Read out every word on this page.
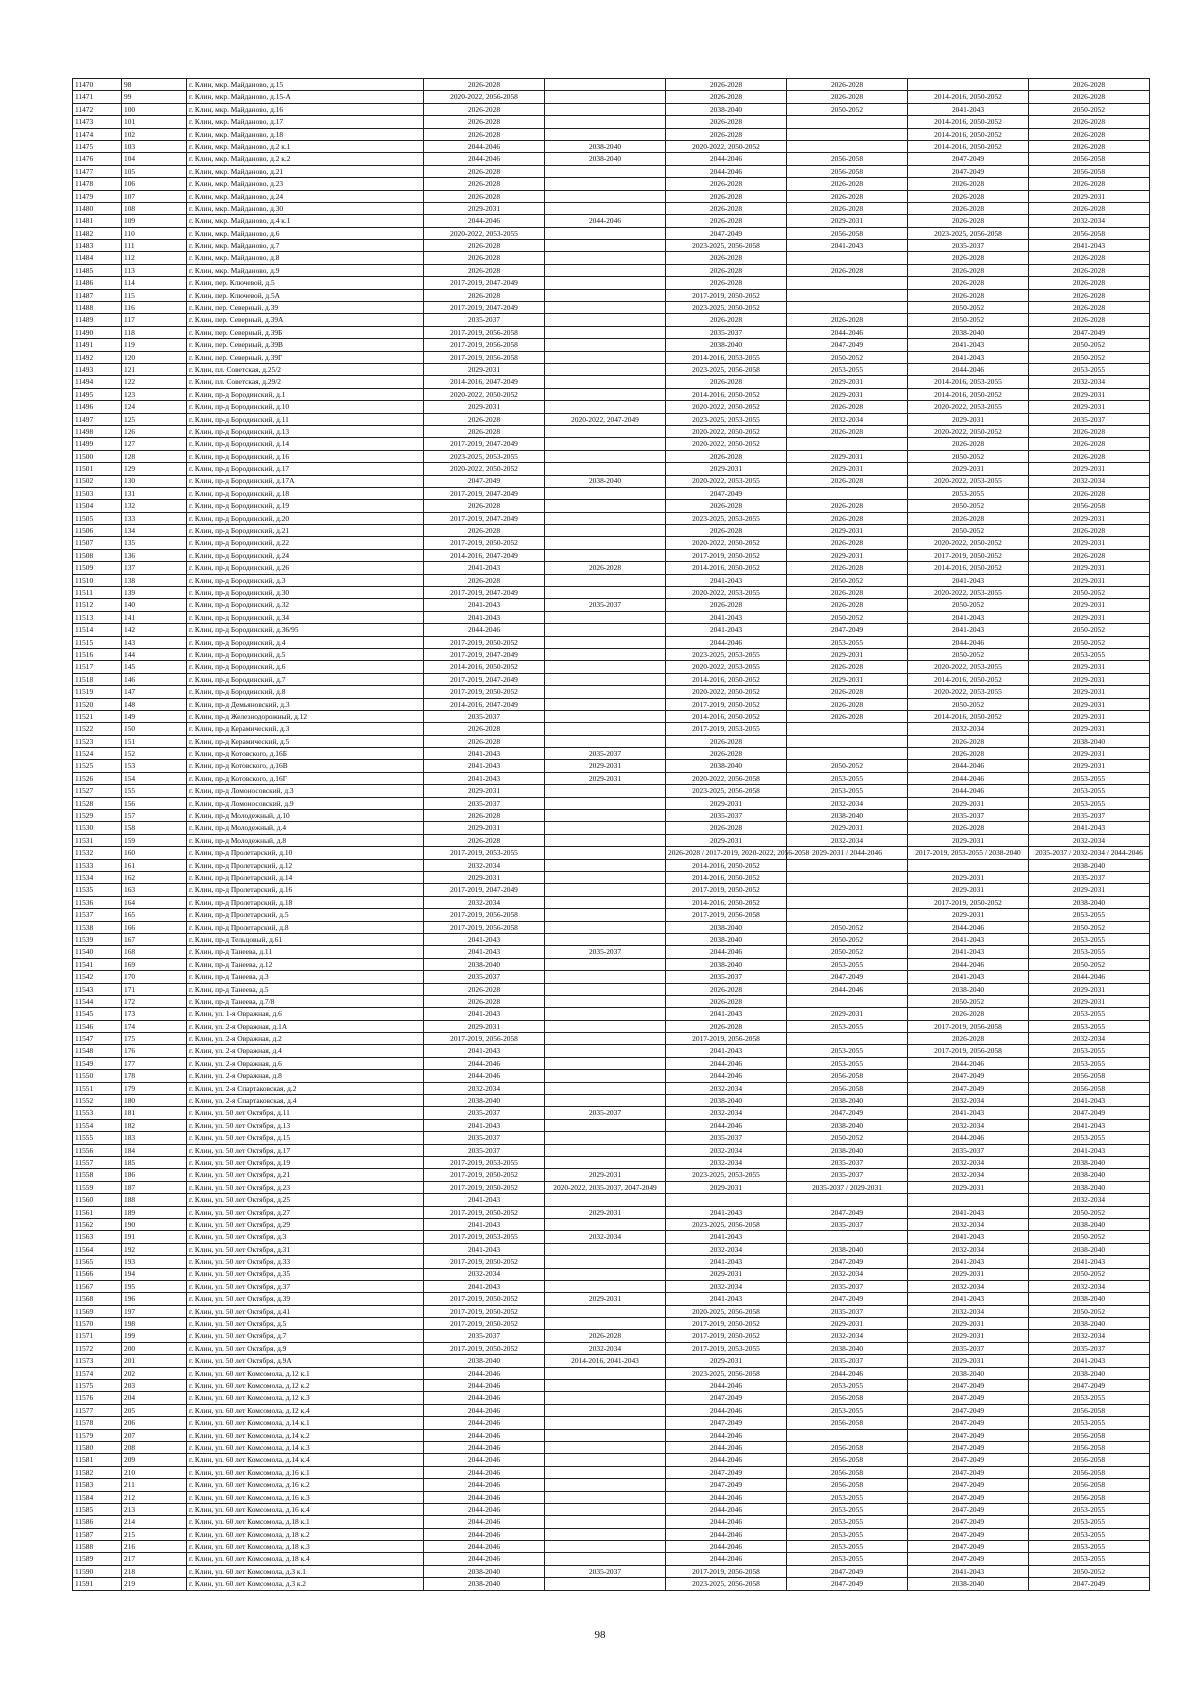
11470	98	г. Клин, мкр. Майданово, д.15	2026-2028		2026-2028	2026-2028		2026-2028
11471	99	г. Клин, мкр. Майданово, д.15-А	2020-2022, 2056-2058		2026-2028	2026-2028	2014-2016, 2050-2052	2026-2028
11472	100	г. Клин, мкр. Майданово, д.16	2026-2028		2038-2040	2050-2052	2041-2043	2050-2052
11473	101	г. Клин, мкр. Майданово, д.17	2026-2028		2026-2028		2014-2016, 2050-2052	2026-2028
11474	102	г. Клин, мкр. Майданово, д.18	2026-2028		2026-2028		2014-2016, 2050-2052	2026-2028
11475	103	г. Клин, мкр. Майданово, д.2 к.1	2044-2046	2038-2040	2020-2022, 2050-2052		2014-2016, 2050-2052	2026-2028
11476	104	г. Клин, мкр. Майданово, д.2 к.2	2044-2046	2038-2040	2044-2046	2056-2058	2047-2049	2056-2058
11477	105	г. Клин, мкр. Майданово, д.21	2026-2028		2044-2046	2056-2058	2047-2049	2056-2058
11478	106	г. Клин, мкр. Майданово, д.23	2026-2028		2026-2028	2026-2028	2026-2028	2026-2028
11479	107	г. Клин, мкр. Майданово, д.24	2026-2028		2026-2028	2026-2028	2026-2028	2029-2031
11480	108	г. Клин, мкр. Майданово, д.30	2029-2031		2026-2028	2026-2028	2026-2028	2026-2028
11481	109	г. Клин, мкр. Майданово, д.4 к.1	2044-2046	2044-2046	2026-2028	2029-2031	2026-2028	2032-2034
11482	110	г. Клин, мкр. Майданово, д.6	2020-2022, 2053-2055		2047-2049	2056-2058	2023-2025, 2056-2058	2056-2058
11483	111	г. Клин, мкр. Майданово, д.7	2026-2028		2023-2025, 2056-2058	2041-2043	2035-2037	2041-2043
11484	112	г. Клин, мкр. Майданово, д.8	2026-2028		2026-2028		2026-2028	2026-2028
11485	113	г. Клин, мкр. Майданово, д.9	2026-2028		2026-2028	2026-2028	2026-2028	2026-2028
11486	114	г. Клин, пер. Ключевой, д.5	2017-2019, 2047-2049		2026-2028		2026-2028	2026-2028
11487	115	г. Клин, пер. Ключевой, д.5А	2026-2028		2017-2019, 2050-2052		2026-2028	2026-2028
11488	116	г. Клин, пер. Северный, д.39	2017-2019, 2047-2049		2023-2025, 2050-2052		2050-2052	2026-2028
11489	117	г. Клин, пер. Северный, д.39А	2035-2037		2026-2028	2026-2028	2050-2052	2026-2028
11490	118	г. Клин, пер. Северный, д.39Б	2017-2019, 2056-2058		2035-2037	2044-2046	2038-2040	2047-2049
11491	119	г. Клин, пер. Северный, д.39В	2017-2019, 2056-2058		2038-2040	2047-2049	2041-2043	2050-2052
11492	120	г. Клин, пер. Северный, д.39Г	2017-2019, 2056-2058		2014-2016, 2053-2055	2050-2052	2041-2043	2050-2052
11493	121	г. Клин, пл. Советская, д.25/2	2029-2031		2023-2025, 2056-2058	2053-2055	2044-2046	2053-2055
11494	122	г. Клин, пл. Советская, д.29/2	2014-2016, 2047-2049		2026-2028	2029-2031	2014-2016, 2053-2055	2032-2034
11495	123	г. Клин, пр-д Бородинский, д.1	2020-2022, 2050-2052		2014-2016, 2050-2052	2029-2031	2014-2016, 2050-2052	2029-2031
11496	124	г. Клин, пр-д Бородинский, д.10	2029-2031		2020-2022, 2050-2052	2026-2028	2020-2022, 2053-2055	2029-2031
11497	125	г. Клин, пр-д Бородинский, д.11	2026-2028	2020-2022, 2047-2049	2023-2025, 2053-2055	2032-2034	2029-2031	2035-2037
11498	126	г. Клин, пр-д Бородинский, д.13	2026-2028		2020-2022, 2050-2052	2026-2028	2020-2022, 2050-2052	2026-2028
11499	127	г. Клин, пр-д Бородинский, д.14	2017-2019, 2047-2049		2020-2022, 2050-2052		2026-2028	2026-2028
11500	128	г. Клин, пр-д Бородинский, д.16	2023-2025, 2053-2055		2026-2028	2029-2031	2050-2052	2026-2028
11501	129	г. Клин, пр-д Бородинский, д.17	2020-2022, 2050-2052		2029-2031	2029-2031	2029-2031	2029-2031
11502	130	г. Клин, пр-д Бородинский, д.17А	2047-2049	2038-2040	2020-2022, 2053-2055	2026-2028	2020-2022, 2053-2055	2032-2034
11503	131	г. Клин, пр-д Бородинский, д.18	2017-2019, 2047-2049		2047-2049		2053-2055	2026-2028
11504	132	г. Клин, пр-д Бородинский, д.19	2026-2028		2026-2028	2026-2028	2050-2052	2056-2058
11505	133	г. Клин, пр-д Бородинский, д.20	2017-2019, 2047-2049		2023-2025, 2053-2055	2026-2028	2026-2028	2029-2031
11506	134	г. Клин, пр-д Бородинский, д.21	2026-2028		2026-2028	2029-2031	2050-2052	2026-2028
11507	135	г. Клин, пр-д Бородинский, д.22	2017-2019, 2050-2052		2020-2022, 2050-2052	2026-2028	2020-2022, 2050-2052	2029-2031
11508	136	г. Клин, пр-д Бородинский, д.24	2014-2016, 2047-2049		2017-2019, 2050-2052	2029-2031	2017-2019, 2050-2052	2026-2028
11509	137	г. Клин, пр-д Бородинский, д.26	2041-2043	2026-2028	2014-2016, 2050-2052	2026-2028	2014-2016, 2050-2052	2029-2031
11510	138	г. Клин, пр-д Бородинский, д.3	2026-2028		2041-2043	2050-2052	2041-2043	2029-2031
11511	139	г. Клин, пр-д Бородинский, д.30	2017-2019, 2047-2049		2020-2022, 2053-2055	2026-2028	2020-2022, 2053-2055	2050-2052
11512	140	г. Клин, пр-д Бородинский, д.32	2041-2043	2035-2037	2026-2028	2026-2028	2050-2052	2029-2031
11513	141	г. Клин, пр-д Бородинский, д.34	2041-2043		2041-2043	2050-2052	2041-2043	2029-2031
11514	142	г. Клин, пр-д Бородинский, д.36/95	2044-2046		2041-2043	2047-2049	2041-2043	2050-2052
11515	143	г. Клин, пр-д Бородинский, д.4	2017-2019, 2050-2052		2044-2046	2053-2055	2044-2046	2050-2052
11516	144	г. Клин, пр-д Бородинский, д.5	2017-2019, 2047-2049		2023-2025, 2053-2055	2029-2031	2050-2052	2053-2055
11517	145	г. Клин, пр-д Бородинский, д.6	2014-2016, 2050-2052		2020-2022, 2053-2055	2026-2028	2020-2022, 2053-2055	2029-2031
11518	146	г. Клин, пр-д Бородинский, д.7	2017-2019, 2047-2049		2014-2016, 2050-2052	2029-2031	2014-2016, 2050-2052	2029-2031
11519	147	г. Клин, пр-д Бородинский, д.8	2017-2019, 2050-2052		2020-2022, 2050-2052	2026-2028	2020-2022, 2053-2055	2029-2031
11520	148	г. Клин, пр-д Демьяновский, д.3	2014-2016, 2047-2049		2017-2019, 2050-2052	2026-2028	2050-2052	2029-2031
11521	149	г. Клин, пр-д Железнодорожный, д.12	2035-2037		2014-2016, 2050-2052	2026-2028	2014-2016, 2050-2052	2029-2031
11522	150	г. Клин, пр-д Керамический, д.3	2026-2028		2017-2019, 2053-2055		2032-2034	2029-2031
11523	151	г. Клин, пр-д Керамический, д.5	2026-2028		2026-2028		2026-2028	2038-2040
11524	152	г. Клин, пр-д Котовского, д.16Б	2041-2043	2035-2037	2026-2028		2026-2028	2029-2031
11525	153	г. Клин, пр-д Котовского, д.16В	2041-2043	2029-2031	2038-2040	2050-2052	2044-2046	2029-2031
11526	154	г. Клин, пр-д Котовского, д.16Г	2041-2043	2029-2031	2020-2022, 2056-2058	2053-2055	2044-2046	2053-2055
11527	155	г. Клин, пр-д Ломоносовский, д.3	2029-2031		2023-2025, 2056-2058	2053-2055	2044-2046	2053-2055
11528	156	г. Клин, пр-д Ломоносовский, д.9	2035-2037		2029-2031	2032-2034	2029-2031	2053-2055
11529	157	г. Клин, пр-д Молодежный, д.10	2026-2028		2035-2037	2038-2040	2035-2037	2035-2037
11530	158	г. Клин, пр-д Молодежный, д.4	2029-2031		2026-2028	2029-2031	2026-2028	2041-2043
11531	159	г. Клин, пр-д Молодежный, д.8	2026-2028		2029-2031	2032-2034	2029-2031	2032-2034
11532	160	г. Клин, пр-д Пролетарский, д.10	2017-2019, 2053-2055		2026-2028 / 2017-2019, 2020-2022, 2056-2058	2029-2031 / 2044-2046	2017-2019, 2053-2055 / 2038-2040	2035-2037 / 2032-2034 / 2044-2046
11533	161	г. Клин, пр-д Пролетарский, д.12	2032-2034		2014-2016, 2050-2052			2038-2040
11534	162	г. Клин, пр-д Пролетарский, д.14	2029-2031		2014-2016, 2050-2052		2029-2031	2035-2037
11535	163	г. Клин, пр-д Пролетарский, д.16	2017-2019, 2047-2049		2017-2019, 2050-2052		2029-2031	2029-2031
11536	164	г. Клин, пр-д Пролетарский, д.18	2032-2034		2014-2016, 2050-2052		2017-2019, 2050-2052	2038-2040
11537	165	г. Клин, пр-д Пролетарский, д.5	2017-2019, 2056-2058		2017-2019, 2056-2058		2029-2031	2053-2055
11538	166	г. Клин, пр-д Пролетарский, д.8	2017-2019, 2056-2058		2038-2040	2050-2052	2044-2046	2050-2052
11539	167	г. Клин, пр-д Тельцовый, д.61	2041-2043		2038-2040	2050-2052	2041-2043	2053-2055
11540	168	г. Клин, пр-д Танеева, д.11	2041-2043	2035-2037	2044-2046	2050-2052	2041-2043	2053-2055
11541	169	г. Клин, пр-д Танеева, д.12	2038-2040		2038-2040	2053-2055	2044-2046	2050-2052
11542	170	г. Клин, пр-д Танеева, д.3	2035-2037		2035-2037	2047-2049	2041-2043	2044-2046
11543	171	г. Клин, пр-д Танеева, д.5	2026-2028		2026-2028	2044-2046	2038-2040	2029-2031
11544	172	г. Клин, пр-д Танеева, д.7/8	2026-2028		2026-2028		2050-2052	2029-2031
11545	173	г. Клин, ул. 1-я Овражная, д.6	2041-2043		2041-2043	2029-2031	2026-2028	2053-2055
11546	174	г. Клин, ул. 2-я Овражная, д.1А	2029-2031		2026-2028	2053-2055	2017-2019, 2056-2058	2053-2055
11547	175	г. Клин, ул. 2-я Овражная, д.2	2017-2019, 2056-2058		2017-2019, 2056-2058		2026-2028	2032-2034
11548	176	г. Клин, ул. 2-я Овражная, д.4	2041-2043		2041-2043	2053-2055	2017-2019, 2056-2058	2053-2055
11549	177	г. Клин, ул. 2-я Овражная, д.6	2044-2046		2044-2046	2053-2055	2044-2046	2053-2055
11550	178	г. Клин, ул. 2-я Овражная, д.8	2044-2046		2044-2046	2056-2058	2047-2049	2056-2058
11551	179	г. Клин, ул. 2-я Спартаковская, д.2	2032-2034		2032-2034	2056-2058	2047-2049	2056-2058
11552	180	г. Клин, ул. 2-я Спартаковская, д.4	2038-2040		2038-2040	2038-2040	2032-2034	2041-2043
11553	181	г. Клин, ул. 50 лет Октября, д.11	2035-2037	2035-2037	2032-2034	2047-2049	2041-2043	2047-2049
11554	182	г. Клин, ул. 50 лет Октября, д.13	2041-2043		2044-2046	2038-2040	2032-2034	2041-2043
11555	183	г. Клин, ул. 50 лет Октября, д.15	2035-2037		2035-2037	2050-2052	2044-2046	2053-2055
11556	184	г. Клин, ул. 50 лет Октября, д.17	2035-2037		2032-2034	2038-2040	2035-2037	2041-2043
11557	185	г. Клин, ул. 50 лет Октября, д.19	2017-2019, 2053-2055		2032-2034	2035-2037	2032-2034	2038-2040
11558	186	г. Клин, ул. 50 лет Октября, д.21	2017-2019, 2050-2052	2029-2031	2023-2025, 2053-2055	2035-2037	2032-2034	2038-2040
11559	187	г. Клин, ул. 50 лет Октября, д.23	2017-2019, 2050-2052	2020-2022, 2035-2037, 2047-2049	2029-2031	2035-2037 / 2029-2031	2029-2031	2038-2040
11560	188	г. Клин, ул. 50 лет Октября, д.25	2041-2043					2032-2034
11561	189	г. Клин, ул. 50 лет Октября, д.27	2017-2019, 2050-2052	2029-2031	2041-2043	2047-2049	2041-2043	2050-2052
11562	190	г. Клин, ул. 50 лет Октября, д.29	2041-2043		2023-2025, 2056-2058	2035-2037	2032-2034	2038-2040
11563	191	г. Клин, ул. 50 лет Октября, д.3	2017-2019, 2053-2055	2032-2034	2041-2043		2041-2043	2050-2052
11564	192	г. Клин, ул. 50 лет Октября, д.31	2041-2043		2032-2034	2038-2040	2032-2034	2038-2040
11565	193	г. Клин, ул. 50 лет Октября, д.33	2017-2019, 2050-2052		2041-2043	2047-2049	2041-2043	2041-2043
11566	194	г. Клин, ул. 50 лет Октября, д.35	2032-2034		2029-2031	2032-2034	2029-2031	2050-2052
11567	195	г. Клин, ул. 50 лет Октября, д.37	2041-2043		2032-2034	2035-2037	2032-2034	2032-2034
11568	196	г. Клин, ул. 50 лет Октября, д.39	2017-2019, 2050-2052	2029-2031	2041-2043	2047-2049	2041-2043	2038-2040
11569	197	г. Клин, ул. 50 лет Октября, д.41	2017-2019, 2050-2052		2020-2025, 2056-2058	2035-2037	2032-2034	2050-2052
11570	198	г. Клин, ул. 50 лет Октября, д.5	2017-2019, 2050-2052		2017-2019, 2050-2052	2029-2031	2029-2031	2038-2040
11571	199	г. Клин, ул. 50 лет Октября, д.7	2035-2037	2026-2028	2017-2019, 2050-2052	2032-2034	2029-2031	2032-2034
11572	200	г. Клин, ул. 50 лет Октября, д.9	2017-2019, 2050-2052	2032-2034	2017-2019, 2053-2055	2038-2040	2035-2037	2035-2037
11573	201	г. Клин, ул. 50 лет Октября, д.9А	2038-2040	2014-2016, 2041-2043	2029-2031	2035-2037	2029-2031	2041-2043
11574	202	г. Клин, ул. 60 лет Комсомола, д.12 к.1	2044-2046		2023-2025, 2056-2058	2044-2046	2038-2040	2038-2040
11575	203	г. Клин, ул. 60 лет Комсомола, д.12 к.2	2044-2046		2044-2046	2053-2055	2047-2049	2047-2049
11576	204	г. Клин, ул. 60 лет Комсомола, д.12 к.3	2044-2046		2047-2049	2056-2058	2047-2049	2053-2055
11577	205	г. Клин, ул. 60 лет Комсомола, д.12 к.4	2044-2046		2044-2046	2053-2055	2047-2049	2056-2058
11578	206	г. Клин, ул. 60 лет Комсомола, д.14 к.1	2044-2046		2047-2049	2056-2058	2047-2049	2053-2055
11579	207	г. Клин, ул. 60 лет Комсомола, д.14 к.2	2044-2046		2044-2046		2047-2049	2056-2058
11580	208	г. Клин, ул. 60 лет Комсомола, д.14 к.3	2044-2046		2044-2046	2056-2058	2047-2049	2056-2058
11581	209	г. Клин, ул. 60 лет Комсомола, д.14 к.4	2044-2046		2044-2046	2056-2058	2047-2049	2056-2058
11582	210	г. Клин, ул. 60 лет Комсомола, д.16 к.1	2044-2046		2047-2049	2056-2058	2047-2049	2056-2058
11583	211	г. Клин, ул. 60 лет Комсомола, д.16 к.2	2044-2046		2047-2049	2056-2058	2047-2049	2056-2058
11584	212	г. Клин, ул. 60 лет Комсомола, д.16 к.3	2044-2046		2044-2046	2053-2055	2047-2049	2056-2058
11585	213	г. Клин, ул. 60 лет Комсомола, д.16 к.4	2044-2046		2044-2046	2053-2055	2047-2049	2053-2055
11586	214	г. Клин, ул. 60 лет Комсомола, д.18 к.1	2044-2046		2044-2046	2053-2055	2047-2049	2053-2055
11587	215	г. Клин, ул. 60 лет Комсомола, д.18 к.2	2044-2046		2044-2046	2053-2055	2047-2049	2053-2055
11588	216	г. Клин, ул. 60 лет Комсомола, д.18 к.3	2044-2046		2044-2046	2053-2055	2047-2049	2053-2055
11589	217	г. Клин, ул. 60 лет Комсомола, д.18 к.4	2044-2046		2044-2046	2053-2055	2047-2049	2053-2055
11590	218	г. Клин, ул. 60 лет Комсомола, д.3 к.1	2038-2040	2035-2037	2017-2019, 2056-2058	2047-2049	2041-2043	2050-2052
11591	219	г. Клин, ул. 60 лет Комсомола, д.3 к.2	2038-2040		2023-2025, 2056-2058	2047-2049	2038-2040	2047-2049
98
